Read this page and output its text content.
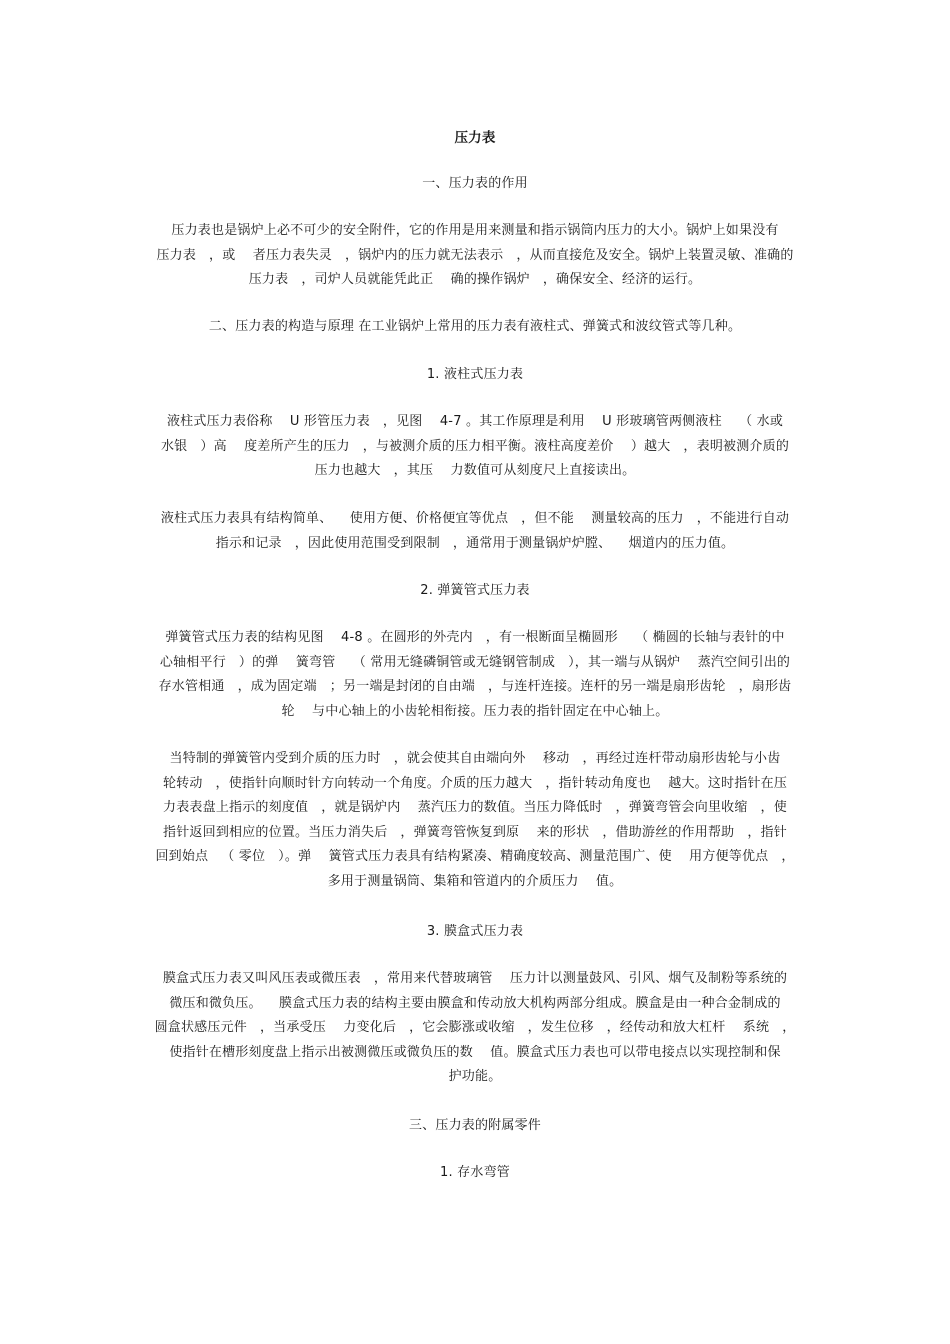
压力表
一、压力表的作用
压力表也是锅炉上必不可少的安全附件，它的作用是用来测量和指示锅筒内压力的大小。锅炉上如果没有
压力表   ，或    者压力表失灵   ，锅炉内的压力就无法表示   ，从而直接危及安全。锅炉上装置灵敏、准确的
压力表   ，司炉人员就能凭此正    确的操作锅炉   ，确保安全、经济的运行。
二、压力表的构造与原理 在工业锅炉上常用的压力表有液柱式、弹簧式和波纹管式等几种。
1. 液柱式压力表
液柱式压力表俗称    U 形管压力表   ，见图    4-7 。其工作原理是利用    U 形玻璃管两侧液柱    （ 水或
水银   ）高    度差所产生的压力   ，与被测介质的压力相平衡。液柱高度差价    ）越大   ，表明被测介质的
压力也越大   ，其压    力数值可从刻度尺上直接读出。
液柱式压力表具有结构简单、    使用方便、价格便宜等优点   ，但不能    测量较高的压力   ，不能进行自动
指示和记录   ，因此使用范围受到限制   ，通常用于测量锅炉炉膛、    烟道内的压力值。
2. 弹簧管式压力表
弹簧管式压力表的结构见图    4-8 。在圆形的外壳内   ，有一根断面呈椭圆形    （ 椭圆的长轴与表针的中
心轴相平行   ）的弹    簧弯管    （ 常用无缝磷铜管或无缝钢管制成   ），其一端与从锅炉    蒸汽空间引出的
存水管相通   ，成为固定端   ；另一端是封闭的自由端   ，与连杆连接。连杆的另一端是扇形齿轮   ，扇形齿
轮    与中心轴上的小齿轮相衔接。压力表的指针固定在中心轴上。
当特制的弹簧管内受到介质的压力时   ，就会使其自由端向外    移动   ，再经过连杆带动扇形齿轮与小齿
轮转动   ，使指针向顺时针方向转动一个角度。介质的压力越大   ，指针转动角度也    越大。这时指针在压
力表表盘上指示的刻度值   ，就是锅炉内    蒸汽压力的数值。当压力降低时   ，弹簧弯管会向里收缩   ，使
指针返回到相应的位置。当压力消失后   ，弹簧弯管恢复到原    来的形状   ，借助游丝的作用帮助   ，指针
回到始点   （ 零位   ）。弹    簧管式压力表具有结构紧凑、精确度较高、测量范围广、使    用方便等优点   ，
多用于测量锅筒、集箱和管道内的介质压力    值。
3. 膜盒式压力表
膜盒式压力表又叫风压表或微压表   ，常用来代替玻璃管    压力计以测量鼓风、引风、烟气及制粉等系统的
微压和微负压。    膜盒式压力表的结构主要由膜盒和传动放大机构两部分组成。膜盒是由一种合金制成的
圆盒状感压元件   ，当承受压    力变化后   ，它会膨涨或收缩   ，发生位移   ，经传动和放大杠杆    系统   ，
使指针在槽形刻度盘上指示出被测微压或微负压的数    值。膜盒式压力表也可以带电接点以实现控制和保
护功能。
三、压力表的附属零件
1. 存水弯管
